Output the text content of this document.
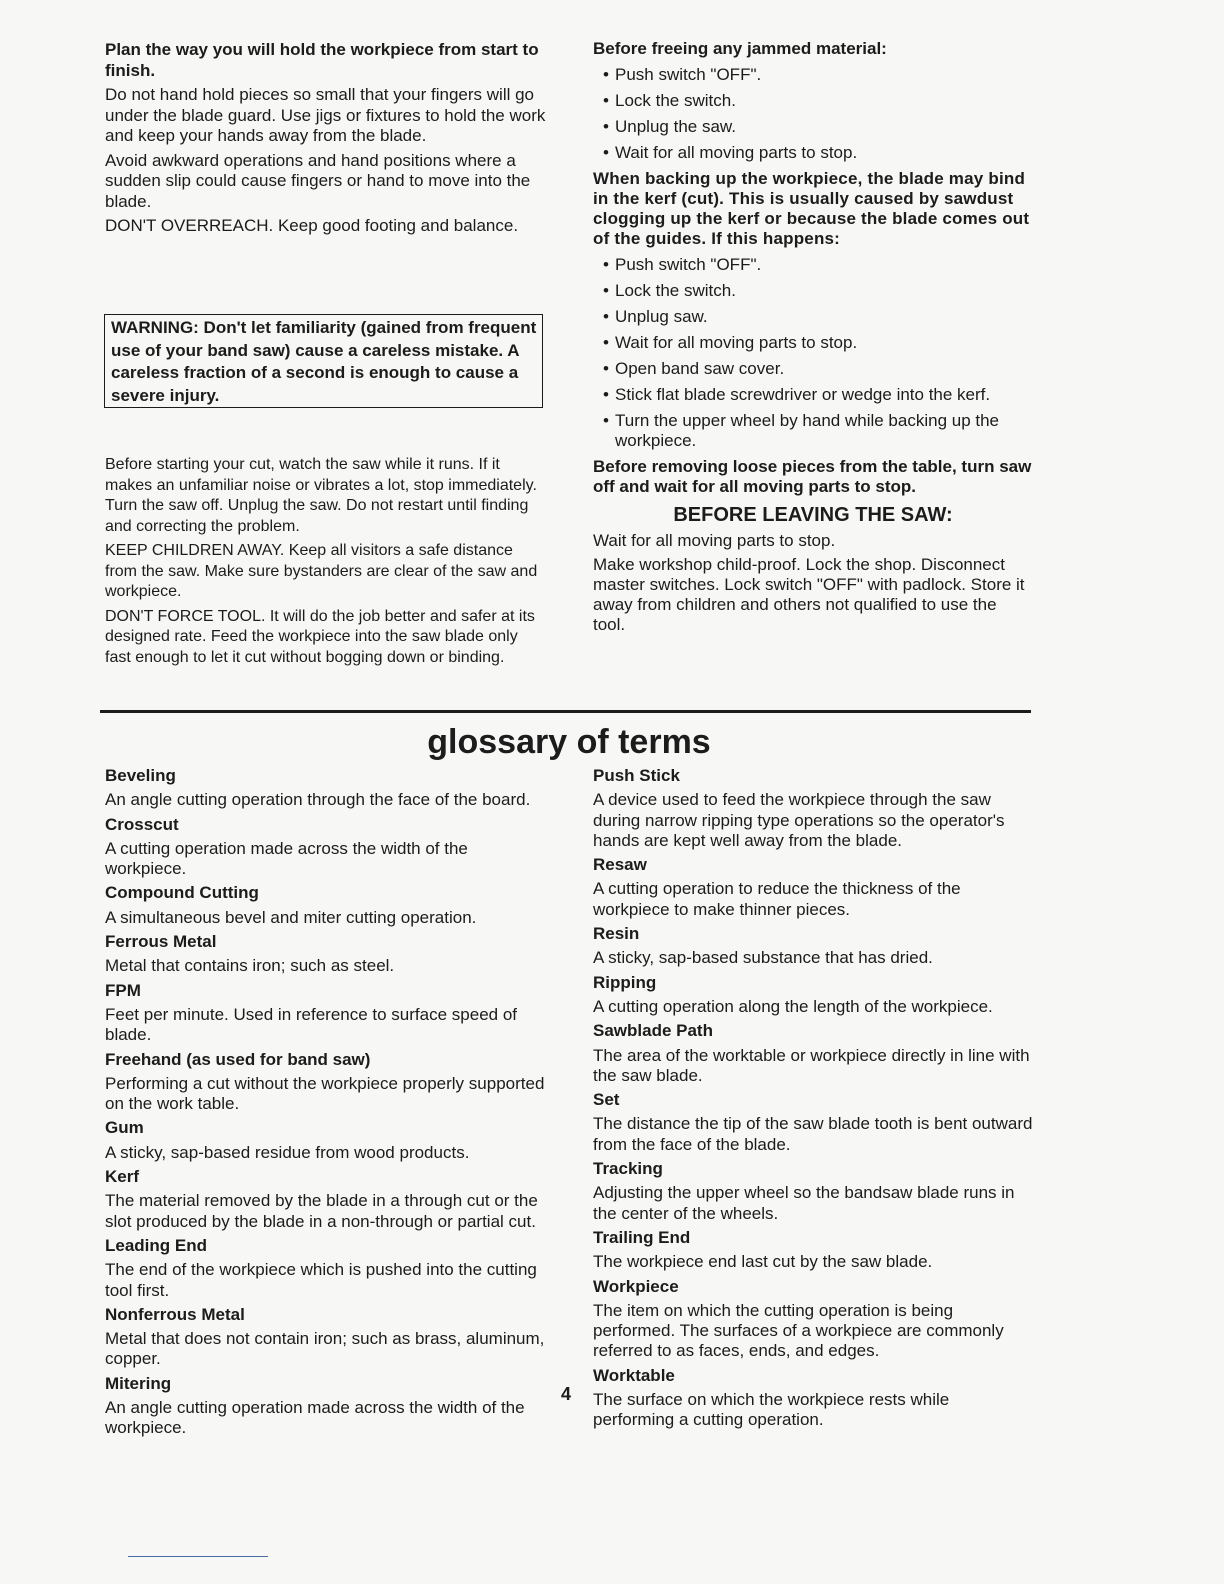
Plan the way you will hold the workpiece from start to finish.

Do not hand hold pieces so small that your fingers will go under the blade guard. Use jigs or fixtures to hold the work and keep your hands away from the blade.

Avoid awkward operations and hand positions where a sudden slip could cause fingers or hand to move into the blade.

DON'T OVERREACH. Keep good footing and balance.

WARNING: Don't let familiarity (gained from frequent use of your band saw) cause a careless mistake. A careless fraction of a second is enough to cause a severe injury.

Before starting your cut, watch the saw while it runs. If it makes an unfamiliar noise or vibrates a lot, stop immediately. Turn the saw off. Unplug the saw. Do not restart until finding and correcting the problem.

KEEP CHILDREN AWAY. Keep all visitors a safe distance from the saw. Make sure bystanders are clear of the saw and workpiece.

DON'T FORCE TOOL. It will do the job better and safer at its designed rate. Feed the workpiece into the saw blade only fast enough to let it cut without bogging down or binding.

Before freeing any jammed material:

• Push switch "OFF".
• Lock the switch.
• Unplug the saw.
• Wait for all moving parts to stop.

When backing up the workpiece, the blade may bind in the kerf (cut). This is usually caused by sawdust clogging up the kerf or because the blade comes out of the guides. If this happens:

• Push switch "OFF".
• Lock the switch.
• Unplug saw.
• Wait for all moving parts to stop.
• Open band saw cover.
• Stick flat blade screwdriver or wedge into the kerf.
• Turn the upper wheel by hand while backing up the workpiece.

Before removing loose pieces from the table, turn saw off and wait for all moving parts to stop.

BEFORE LEAVING THE SAW:

Wait for all moving parts to stop.

Make workshop child-proof. Lock the shop. Disconnect master switches. Lock switch "OFF" with padlock. Store it away from children and others not qualified to use the tool.

glossary of terms

Beveling

An angle cutting operation through the face of the board.

Crosscut

A cutting operation made across the width of the workpiece.

Compound Cutting

A simultaneous bevel and miter cutting operation.

Ferrous Metal

Metal that contains iron; such as steel.

FPM

Feet per minute. Used in reference to surface speed of blade.

Freehand (as used for band saw)

Performing a cut without the workpiece properly supported on the work table.

Gum

A sticky, sap-based residue from wood products.

Kerf

The material removed by the blade in a through cut or the slot produced by the blade in a non-through or partial cut.

Leading End

The end of the workpiece which is pushed into the cutting tool first.

Nonferrous Metal

Metal that does not contain iron; such as brass, aluminum, copper.

Mitering

An angle cutting operation made across the width of the workpiece.

Push Stick

A device used to feed the workpiece through the saw during narrow ripping type operations so the operator's hands are kept well away from the blade.

Resaw

A cutting operation to reduce the thickness of the workpiece to make thinner pieces.

Resin

A sticky, sap-based substance that has dried.

Ripping

A cutting operation along the length of the workpiece.

Sawblade Path

The area of the worktable or workpiece directly in line with the saw blade.

Set

The distance the tip of the saw blade tooth is bent outward from the face of the blade.

Tracking

Adjusting the upper wheel so the bandsaw blade runs in the center of the wheels.

Trailing End

The workpiece end last cut by the saw blade.

Workpiece

The item on which the cutting operation is being performed. The surfaces of a workpiece are commonly referred to as faces, ends, and edges.

Worktable

The surface on which the workpiece rests while performing a cutting operation.

4
